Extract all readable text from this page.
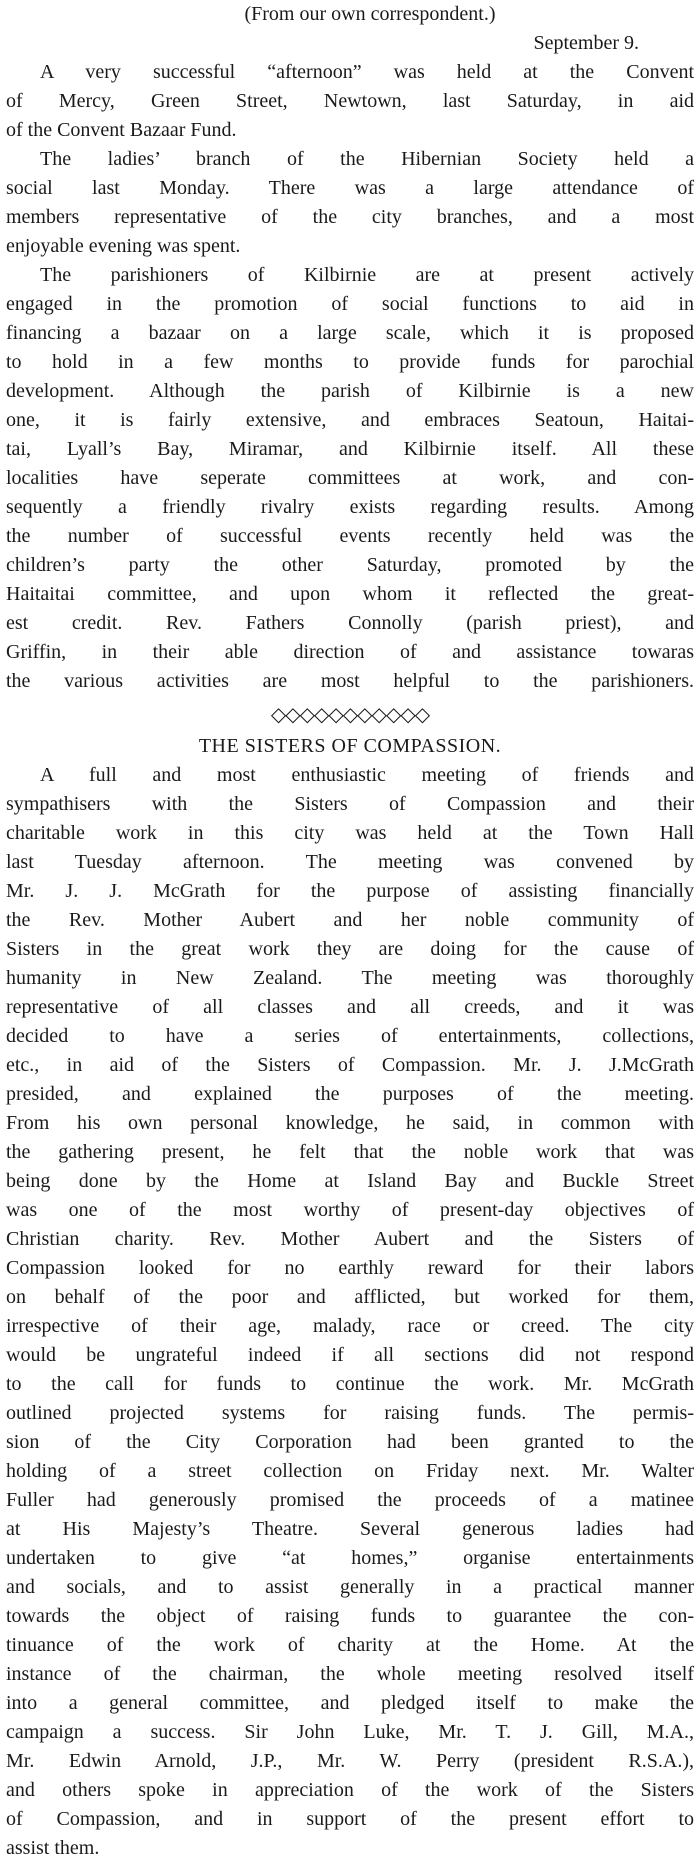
(From our own correspondent.)
September 9.
A very successful “afternoon” was held at the Convent
of Mercy, Green Street, Newtown, last Saturday, in aid
of the Convent Bazaar Fund.
The ladies’ branch of the Hibernian Society held a
social last Monday. There was a large attendance of
members representative of the city branches, and a most
enjoyable evening was spent.
The parishioners of Kilbirnie are at present actively
engaged in the promotion of social functions to aid in
financing a bazaar on a large scale, which it is proposed
to hold in a few months to provide funds for parochial
development. Although the parish of Kilbirnie is a new
one, it is fairly extensive, and embraces Seatoun, Haitai-
tai, Lyall’s Bay, Miramar, and Kilbirnie itself. All these
localities have seperate committees at work, and con-
sequently a friendly rivalry exists regarding results. Among
the number of successful events recently held was the
children’s party the other Saturday, promoted by the
Haitaitai committee, and upon whom it reflected the great-
est credit. Rev. Fathers Connolly (parish priest), and
Griffin, in their able direction of and assistance towaras
the various activities are most helpful to the parishioners.
◇◇◇◇◇◇◇◇◇◇◇
THE SISTERS OF COMPASSION.
A full and most enthusiastic meeting of friends and
sympathisers with the Sisters of Compassion and their
charitable work in this city was held at the Town Hall
last Tuesday afternoon. The meeting was convened by
Mr. J. J. McGrath for the purpose of assisting financially
the Rev. Mother Aubert and her noble community of
Sisters in the great work they are doing for the cause of
humanity in New Zealand. The meeting was thoroughly
representative of all classes and all creeds, and it was
decided to have a series of entertainments, collections,
etc., in aid of the Sisters of Compassion. Mr. J. J.McGrath
presided, and explained the purposes of the meeting.
From his own personal knowledge, he said, in common with
the gathering present, he felt that the noble work that was
being done by the Home at Island Bay and Buckle Street
was one of the most worthy of present-day objectives of
Christian charity. Rev. Mother Aubert and the Sisters of
Compassion looked for no earthly reward for their labors
on behalf of the poor and afflicted, but worked for them,
irrespective of their age, malady, race or creed. The city
would be ungrateful indeed if all sections did not respond
to the call for funds to continue the work. Mr. McGrath
outlined projected systems for raising funds. The permis-
sion of the City Corporation had been granted to the
holding of a street collection on Friday next. Mr. Walter
Fuller had generously promised the proceeds of a matinee
at His Majesty’s Theatre. Several generous ladies had
undertaken to give “at homes,” organise entertainments
and socials, and to assist generally in a practical manner
towards the object of raising funds to guarantee the con-
tinuance of the work of charity at the Home. At the
instance of the chairman, the whole meeting resolved itself
into a general committee, and pledged itself to make the
campaign a success. Sir John Luke, Mr. T. J. Gill, M.A.,
Mr. Edwin Arnold, J.P., Mr. W. Perry (president R.S.A.),
and others spoke in appreciation of the work of the Sisters
of Compassion, and in support of the present effort to
assist them.
